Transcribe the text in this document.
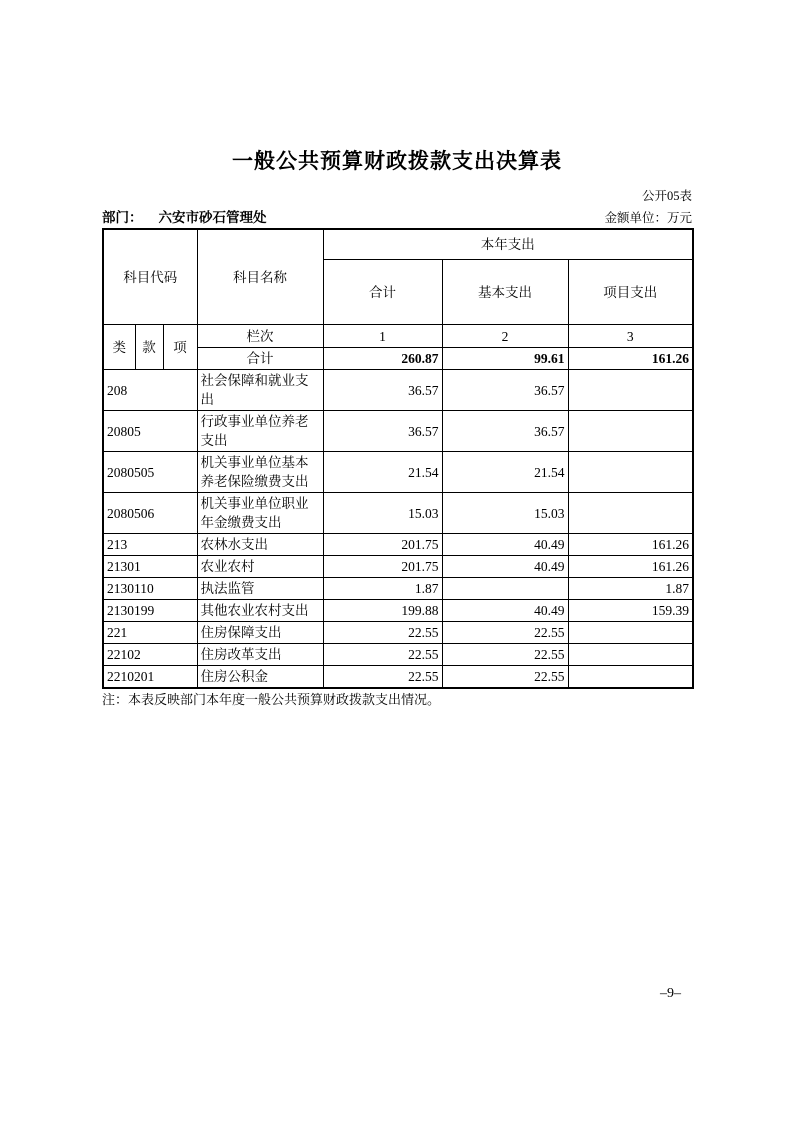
一般公共预算财政拨款支出决算表
公开05表
部门： 六安市砂石管理处	金额单位：万元
科目代码			科目名称	本年支出		
				合计	基本支出	项目支出
类	款	项	栏次	1	2	3
			合计	260.87	99.61	161.26
208			社会保障和就业支出	36.57	36.57	
20805			行政事业单位养老支出	36.57	36.57	
2080505			机关事业单位基本养老保险缴费支出	21.54	21.54	
2080506			机关事业单位职业年金缴费支出	15.03	15.03	
213			农林水支出	201.75	40.49	161.26
21301			农业农村	201.75	40.49	161.26
2130110			执法监管	1.87		1.87
2130199			其他农业农村支出	199.88	40.49	159.39
221			住房保障支出	22.55	22.55	
22102			住房改革支出	22.55	22.55	
2210201			住房公积金	22.55	22.55	
注：本表反映部门本年度一般公共预算财政拨款支出情况。
–9–
